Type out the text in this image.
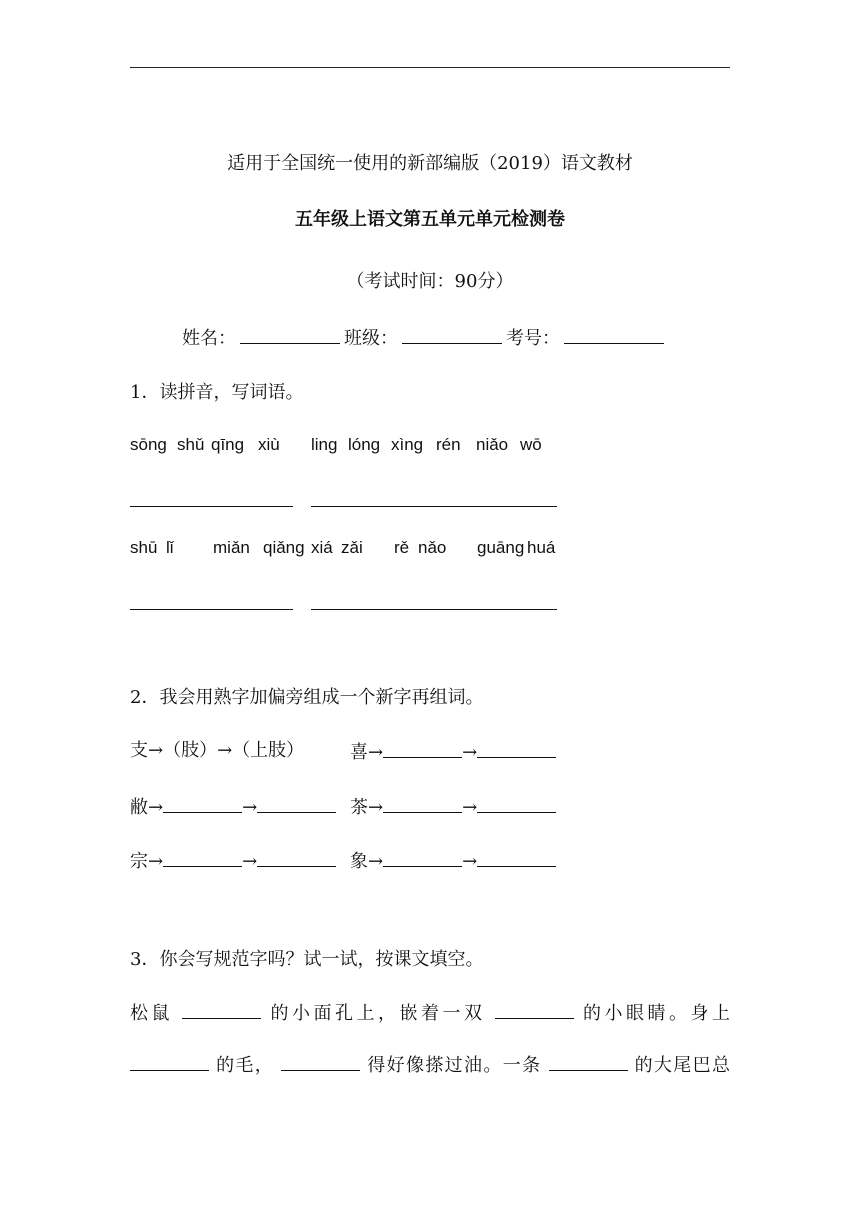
适用于全国统一使用的新部编版（2019）语文教材
五年级上语文第五单元单元检测卷
（考试时间：90分）
姓名：	班级：	考号：
1．读拼音，写词语。
sōng shǔ qīng xiù ling lóng xìng rén niǎo wō
shū lǐ miǎn qiǎng xiá zǎi rě nǎo guāng huá
2．我会用熟字加偏旁组成一个新字再组词。
支→（肢）→（上肢）	喜→	→
敝→	→	茶→	→
宗→	→	象→	→
3．你会写规范字吗？试一试，按课文填空。
松鼠	的小面孔上，嵌着一双	的小眼睛。身上
的毛，	得好像搽过油。一条	的大尾巴总
